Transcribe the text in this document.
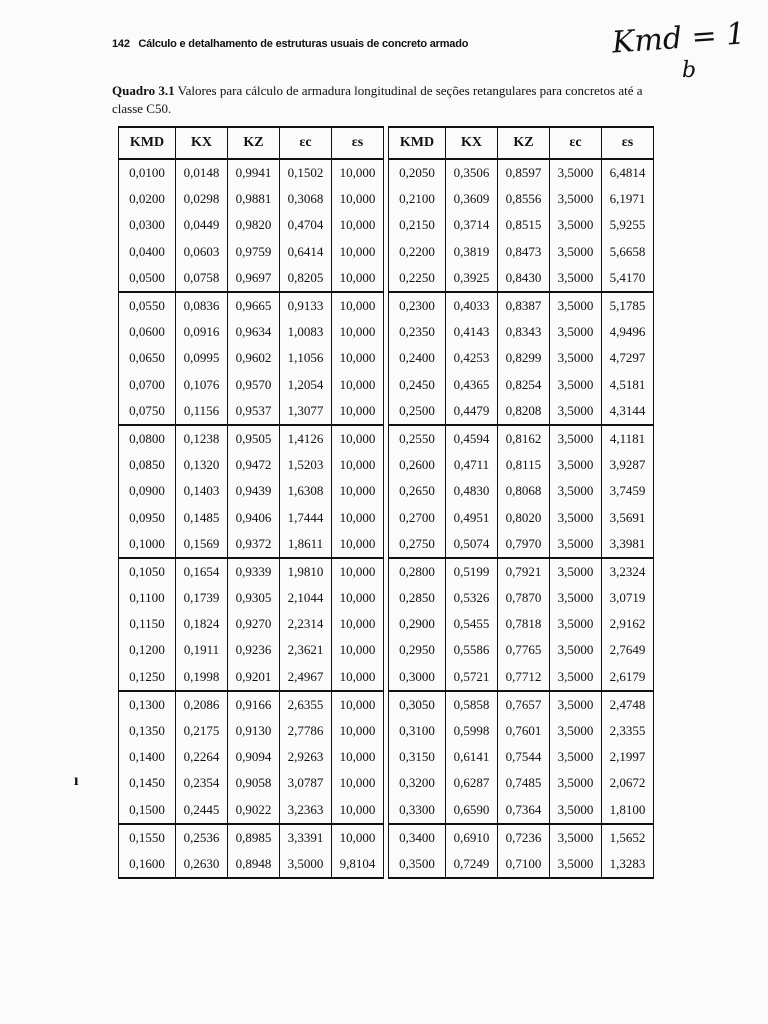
142 Cálculo e detalhamento de estruturas usuais de concreto armado	Kmd = 1
b
Quadro 3.1 Valores para cálculo de armadura longitudinal de seções retangulares para concretos até a classe C50.
KMD	KX	KZ	εc	εs
0,0100	0,0148	0,9941	0,1502	10,000
0,0200	0,0298	0,9881	0,3068	10,000
0,0300	0,0449	0,9820	0,4704	10,000
0,0400	0,0603	0,9759	0,6414	10,000
0,0500	0,0758	0,9697	0,8205	10,000
0,0550	0,0836	0,9665	0,9133	10,000
0,0600	0,0916	0,9634	1,0083	10,000
0,0650	0,0995	0,9602	1,1056	10,000
0,0700	0,1076	0,9570	1,2054	10,000
0,0750	0,1156	0,9537	1,3077	10,000
0,0800	0,1238	0,9505	1,4126	10,000
0,0850	0,1320	0,9472	1,5203	10,000
0,0900	0,1403	0,9439	1,6308	10,000
0,0950	0,1485	0,9406	1,7444	10,000
0,1000	0,1569	0,9372	1,8611	10,000
0,1050	0,1654	0,9339	1,9810	10,000
0,1100	0,1739	0,9305	2,1044	10,000
0,1150	0,1824	0,9270	2,2314	10,000
0,1200	0,1911	0,9236	2,3621	10,000
0,1250	0,1998	0,9201	2,4967	10,000
0,1300	0,2086	0,9166	2,6355	10,000
0,1350	0,2175	0,9130	2,7786	10,000
0,1400	0,2264	0,9094	2,9263	10,000
0,1450	0,2354	0,9058	3,0787	10,000
0,1500	0,2445	0,9022	3,2363	10,000
0,1550	0,2536	0,8985	3,3391	10,000
0,1600	0,2630	0,8948	3,5000	9,8104
KMD	KX	KZ	εc	εs
0,2050	0,3506	0,8597	3,5000	6,4814
0,2100	0,3609	0,8556	3,5000	6,1971
0,2150	0,3714	0,8515	3,5000	5,9255
0,2200	0,3819	0,8473	3,5000	5,6658
0,2250	0,3925	0,8430	3,5000	5,4170
0,2300	0,4033	0,8387	3,5000	5,1785
0,2350	0,4143	0,8343	3,5000	4,9496
0,2400	0,4253	0,8299	3,5000	4,7297
0,2450	0,4365	0,8254	3,5000	4,5181
0,2500	0,4479	0,8208	3,5000	4,3144
0,2550	0,4594	0,8162	3,5000	4,1181
0,2600	0,4711	0,8115	3,5000	3,9287
0,2650	0,4830	0,8068	3,5000	3,7459
0,2700	0,4951	0,8020	3,5000	3,5691
0,2750	0,5074	0,7970	3,5000	3,3981
0,2800	0,5199	0,7921	3,5000	3,2324
0,2850	0,5326	0,7870	3,5000	3,0719
0,2900	0,5455	0,7818	3,5000	2,9162
0,2950	0,5586	0,7765	3,5000	2,7649
0,3000	0,5721	0,7712	3,5000	2,6179
0,3050	0,5858	0,7657	3,5000	2,4748
0,3100	0,5998	0,7601	3,5000	2,3355
0,3150	0,6141	0,7544	3,5000	2,1997
0,3200	0,6287	0,7485	3,5000	2,0672
0,3300	0,6590	0,7364	3,5000	1,8100
0,3400	0,6910	0,7236	3,5000	1,5652
0,3500	0,7249	0,7100	3,5000	1,3283
ı
